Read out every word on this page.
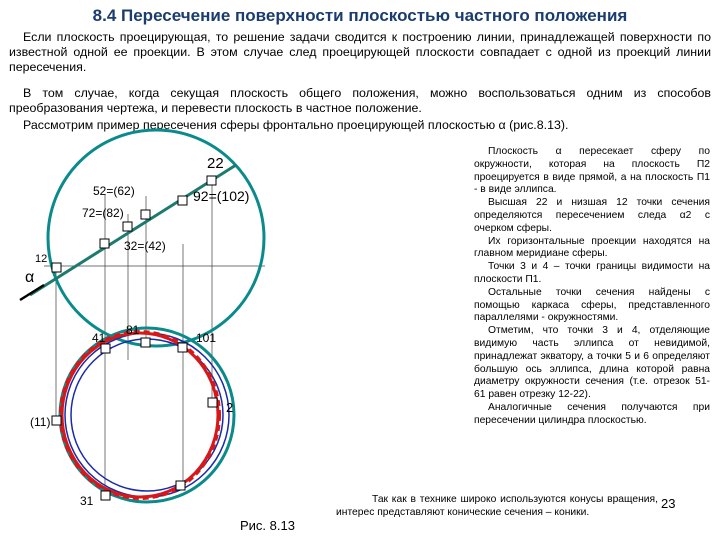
8.4 Пересечение поверхности плоскостью частного положения
Если плоскость проецирующая, то решение задачи сводится к построению линии, принадлежащей поверхности по известной одной ее проекции. В этом случае след проецирующей плоскости совпадает с одной из проекций линии пересечения.
В том случае, когда секущая плоскость общего положения, можно воспользоваться одним из способов преобразования чертежа, и перевести плоскость в частное положение.
Рассмотрим пример пересечения сферы фронтально проецирующей плоскостью α (рис.8.13).

Плоскость α пересекает сферу по окружности, которая на плоскость П2 проецируется в виде прямой, а на плоскость П1 - в виде эллипса.

Высшая 22 и низшая 12 точки сечения определяются пересечением следа α2 с очерком сферы.

Их горизонтальные проекции находятся на главном меридиане сферы.

Точки 3 и 4 – точки границы видимости на плоскости П1.

Остальные точки сечения найдены с помощью каркаса сферы, представленного параллелями - окружностями.

Отметим, что точки 3 и 4, отделяющие видимую часть эллипса от невидимой, принадлежат экватору, а точки 5 и 6 определяют большую ось эллипса, длина которой равна диаметру окружности сечения (т.е. отрезок 51- 61 равен отрезку 12-22).

Аналогичные сечения получаются при пересечении цилиндра плоскостью.

Так как в технике широко используются конусы вращения, интерес представляют конические сечения – коники.

23
Рис. 8.13
22
52=(62)	92=(102)
72=(82)
32=(42)
12
α
41
81
101
2
(11)
31
